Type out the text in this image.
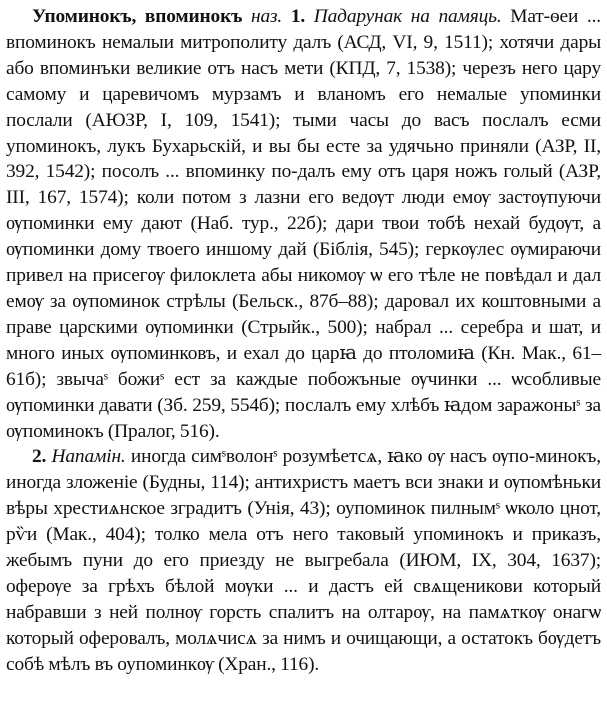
Упоминокъ, впоминокъ наз. 1. Падарунак на памяць. Мат-ѳеи ... впоминокъ немалыи митрополиту далъ (АСД, VI, 9, 1511); хотячи дары або впоминъки великие отъ насъ мети (КПД, 7, 1538); черезъ него цару самому и царевичомъ мурзамъ и вланомъ его немалые упоминки послали (АЮЗР, I, 109, 1541); тыми часы до васъ послалъ есми упоминокъ, лукъ Бухарьскій, и вы бы есте за удячьно приняли (АЗР, II, 392, 1542); посолъ ... впоминку по-далъ ему отъ царя ножъ голый (АЗР, III, 167, 1574); коли потом з лазни его ведѹт люди емѹ застѹпуючи ѹпоминки ему дают (Наб. тур., 22б); дари твои тобѣ нехай будѹт, а ѹпоминки дому твоего иншому дай (Біблія, 545); геркѹлес ѹмираючи привел на присегѹ филоклета абы никомѹ ѡ его тѣле не повѣдал и дал емѹ за ѹпоминок стрѣлы (Бельск., 87б–88); даровал их коштовными а праве царскими ѹпоминки (Стрыйк., 500); набрал ... серебра и шат, и много иных ѹпоминковъ, и ехал до царꙗ до птоломиꙗ (Кн. Мак., 61–61б); звычаˢ божиˢ ест за каждые побожъные ѹчинки ... ѡсобливые ѹпоминки давати (Зб. 259, 554б); послалъ ему хлѣбъ ꙗдом заражоныˢ за ѹпоминокъ (Пралог, 516).

2. Напамін. иногда симˢволонˢ розумѣетсѧ, ꙗко ѹ насъ ѹпо-минокъ, иногда зложеніе (Будны, 114); антихристъ маетъ вси знаки и ѹпомѣньки вѣры хрестиѧнское зградитъ (Унія, 43); оупоминок пилнымˢ ѡколо цнот, рѷи (Мак., 404); толко мела отъ него таковый упоминокъ и приказъ, жебымъ пуни до его приезду не выгребала (ИЮМ, IX, 304, 1637); оферѹе за грѣхъ бѣлой мѹки ... и дастъ ей свѧщеникови который набравши з ней полнѹ горсть спалитъ на олтарѹ, на памѧткѹ онагѡ который оферовалъ, молѧчисѧ за нимъ и очищающи, а остатокъ бѹдетъ собѣ мѣлъ въ оупоминкѹ (Хран., 116).
